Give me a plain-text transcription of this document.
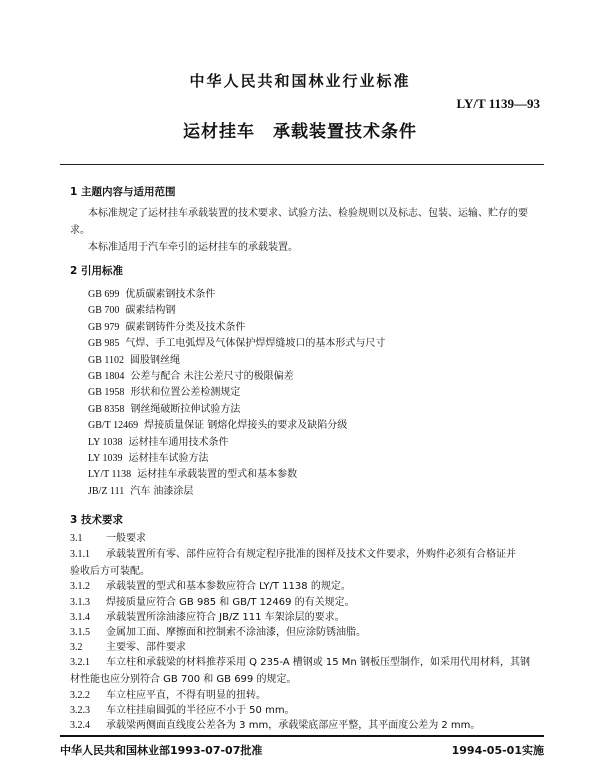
中华人民共和国林业行业标准
LY/T 1139—93
运材挂车 承载装置技术条件
1 主题内容与适用范围
本标准规定了运材挂车承载装置的技术要求、试验方法、检验规则以及标志、包装、运输、贮存的要
求。
本标准适用于汽车牵引的运材挂车的承载装置。
2 引用标准
GB 699 优质碳素钢技术条件
GB 700 碳素结构钢
GB 979 碳素钢铸件分类及技术条件
GB 985 气焊、手工电弧焊及气体保护焊焊缝坡口的基本形式与尺寸
GB 1102 圆股钢丝绳
GB 1804 公差与配合 未注公差尺寸的极限偏差
GB 1958 形状和位置公差检测规定
GB 8358 钢丝绳破断拉伸试验方法
GB/T 12469 焊接质量保证 钢熔化焊接头的要求及缺陷分级
LY 1038 运材挂车通用技术条件
LY 1039 运材挂车试验方法
LY/T 1138 运材挂车承载装置的型式和基本参数
JB/Z 111 汽车 油漆涂层
3 技术要求
3.1 一般要求
3.1.1 承载装置所有零、部件应符合有规定程序批准的图样及技术文件要求，外购件必须有合格证并
验收后方可装配。
3.1.2 承载装置的型式和基本参数应符合 LY/T 1138 的规定。
3.1.3 焊接质量应符合 GB 985 和 GB/T 12469 的有关规定。
3.1.4 承载装置所涂油漆应符合 JB/Z 111 车架涂层的要求。
3.1.5 金属加工面、摩擦面和控制索不涂油漆，但应涂防锈油脂。
3.2 主要零、部件要求
3.2.1 车立柱和承载梁的材料推荐采用 Q 235-A 槽钢或 15 Mn 钢板压型制作，如采用代用材料，其钢
材性能也应分别符合 GB 700 和 GB 699 的规定。
3.2.2 车立柱应平直，不得有明显的扭转。
3.2.3 车立柱挂扇圆弧的半径应不小于 50 mm。
3.2.4 承载梁两侧面直线度公差各为 3 mm，承载梁底部应平整，其平面度公差为 2 mm。
中华人民共和国林业部1993-07-07批准	1994-05-01实施
